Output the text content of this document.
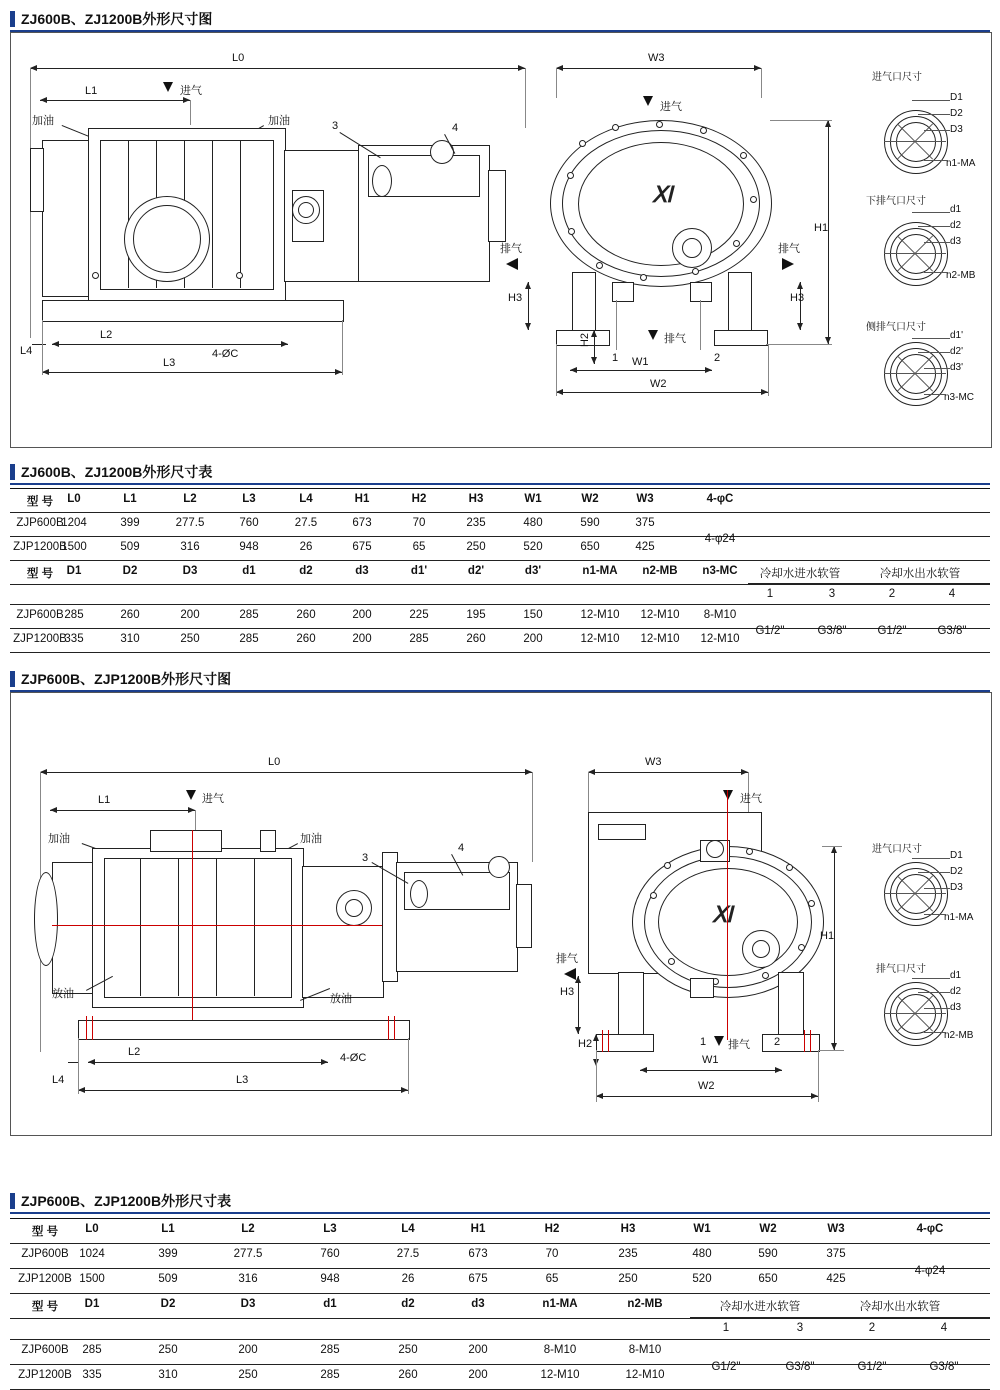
ZJ600B、ZJ1200B外形尺寸图
L0
L1	进气
加油	加油	3	4
L4
L2
4-ØC
L3
W3
进气
Ⅺ
排气	排气
排气
H1
H3	H3
H2
1	2
W1
W2
进气口尺寸
D1
D2
D3
n1-MA
下排气口尺寸
d1
d2
d3
n2-MB
侧排气口尺寸
d1'
d2'
d3'
n3-MC
ZJ600B、ZJ1200B外形尺寸表
型 号	L0	L1	L2	L3	L4	H1	H2	H3	W1	W2	W3	4-φC
ZJP600B
1204	399	277.5	760	27.5	673	70	235	480	590	375
ZJP1200B
1500	509	316	948	26	675	65	250	520	650	425
4-φ24
型 号	D1	D2	D3	d1	d2	d3	d1'	d2'	d3'	n1-MA	n2-MB	n3-MC	冷却水进水软管	冷却水出水软管
1	3	2	4
ZJP600B 285	260	200	285	260	200	225	195	150	12-M10	12-M10	8-M10
ZJP1200B
335	310	250	285	260	200	285	260	200	12-M10	12-M10	12-M10
G1/2"	G3/8"	G1/2"	G3/8"
ZJP600B、ZJP1200B外形尺寸图
L0
L1	进气
加油	加油
3
4
放油	放油
L4
L2	4-ØC
L3
W3
进气
Ⅺ
排气
排气
H1
H3
H2	1	2
W1
W2
进气口尺寸
D1
D2
D3
n1-MA
排气口尺寸
d1
d2
d3
n2-MB
ZJP600B、ZJP1200B外形尺寸表
型 号	L0	L1	L2	L3	L4	H1	H2	H3	W1	W2	W3	4-φC
ZJP600B 1024	399	277.5	760	27.5	673	70	235	480	590	375
ZJP1200B 1500	509	316	948	26	675	65	250	520	650	425
4-φ24
型 号	D1	D2	D3	d1	d2	d3	n1-MA	n2-MB	冷却水进水软管	冷却水出水软管
1	3	2	4
ZJP600B	285	250	200	285	250	200	8-M10	8-M10
ZJP1200B 335	310	250	285	260	200	12-M10	12-M10
G1/2"	G3/8"	G1/2"	G3/8"
